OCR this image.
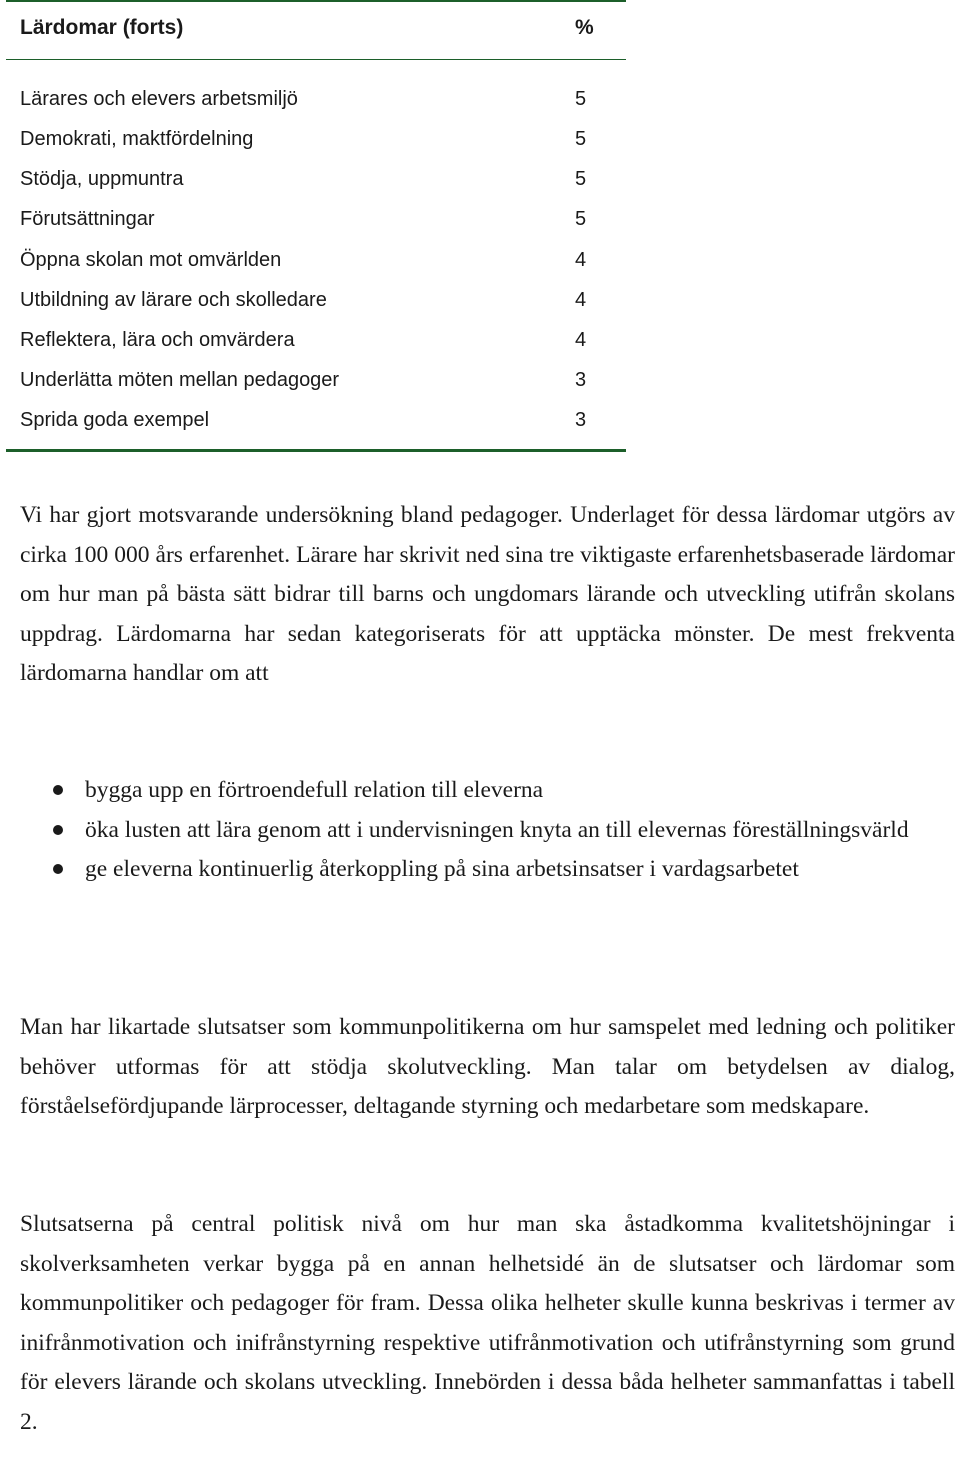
Lärdomar (forts)	%
Lärares och elevers arbetsmiljö	5
Demokrati, maktfördelning	5
Stödja, uppmuntra	5
Förutsättningar	5
Öppna skolan mot omvärlden	4
Utbildning av lärare och skolledare	4
Reflektera, lära och omvärdera	4
Underlätta möten mellan pedagoger	3
Sprida goda exempel	3

Vi har gjort motsvarande undersökning bland pedagoger. Underlaget för dessa lärdomar utgörs av cirka 100 000 års erfarenhet. Lärare har skrivit ned sina tre viktigaste erfarenhetsbaserade lärdomar om hur man på bästa sätt bidrar till barns och ungdomars lärande och utveckling utifrån skolans uppdrag. Lärdomarna har sedan kategoriserats för att upptäcka mönster. De mest frekventa lärdomarna handlar om att

bygga upp en förtroendefull relation till eleverna
öka lusten att lära genom att i undervisningen knyta an till elevernas föreställningsvärld
ge eleverna kontinuerlig återkoppling på sina arbetsinsatser i vardagsarbetet

Man har likartade slutsatser som kommunpolitikerna om hur samspelet med ledning och politiker behöver utformas för att stödja skolutveckling. Man talar om betydelsen av dialog, förståelsefördjupande lärprocesser, deltagande styrning och medarbetare som medskapare.

Slutsatserna på central politisk nivå om hur man ska åstadkomma kvalitetshöjningar i skolverksamheten verkar bygga på en annan helhetsidé än de slutsatser och lärdomar som kommunpolitiker och pedagoger för fram. Dessa olika helheter skulle kunna beskrivas i termer av inifrånmotivation och inifrånstyrning respektive utifrånmotivation och utifrånstyrning som grund för elevers lärande och skolans utveckling. Innebörden i dessa båda helheter sammanfattas i tabell 2.
